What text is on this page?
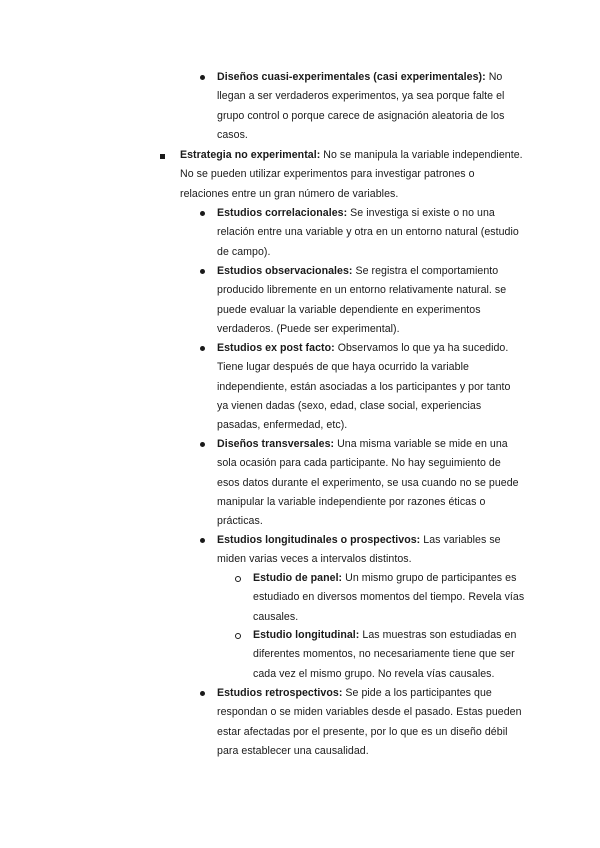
Diseños cuasi-experimentales (casi experimentales): No llegan a ser verdaderos experimentos, ya sea porque falte el grupo control o porque carece de asignación aleatoria de los casos.
Estrategia no experimental: No se manipula la variable independiente. No se pueden utilizar experimentos para investigar patrones o relaciones entre un gran número de variables.
Estudios correlacionales: Se investiga si existe o no una relación entre una variable y otra en un entorno natural (estudio de campo).
Estudios observacionales: Se registra el comportamiento producido libremente en un entorno relativamente natural. se puede evaluar la variable dependiente en experimentos verdaderos. (Puede ser experimental).
Estudios ex post facto: Observamos lo que ya ha sucedido. Tiene lugar después de que haya ocurrido la variable independiente, están asociadas a los participantes y por tanto ya vienen dadas (sexo, edad, clase social, experiencias pasadas, enfermedad, etc).
Diseños transversales: Una misma variable se mide en una sola ocasión para cada participante. No hay seguimiento de esos datos durante el experimento, se usa cuando no se puede manipular la variable independiente por razones éticas o prácticas.
Estudios longitudinales o prospectivos: Las variables se miden varias veces a intervalos distintos.
Estudio de panel: Un mismo grupo de participantes es estudiado en diversos momentos del tiempo. Revela vías causales.
Estudio longitudinal: Las muestras son estudiadas en diferentes momentos, no necesariamente tiene que ser cada vez el mismo grupo. No revela vías causales.
Estudios retrospectivos: Se pide a los participantes que respondan o se miden variables desde el pasado. Estas pueden estar afectadas por el presente, por lo que es un diseño débil para establecer una causalidad.
